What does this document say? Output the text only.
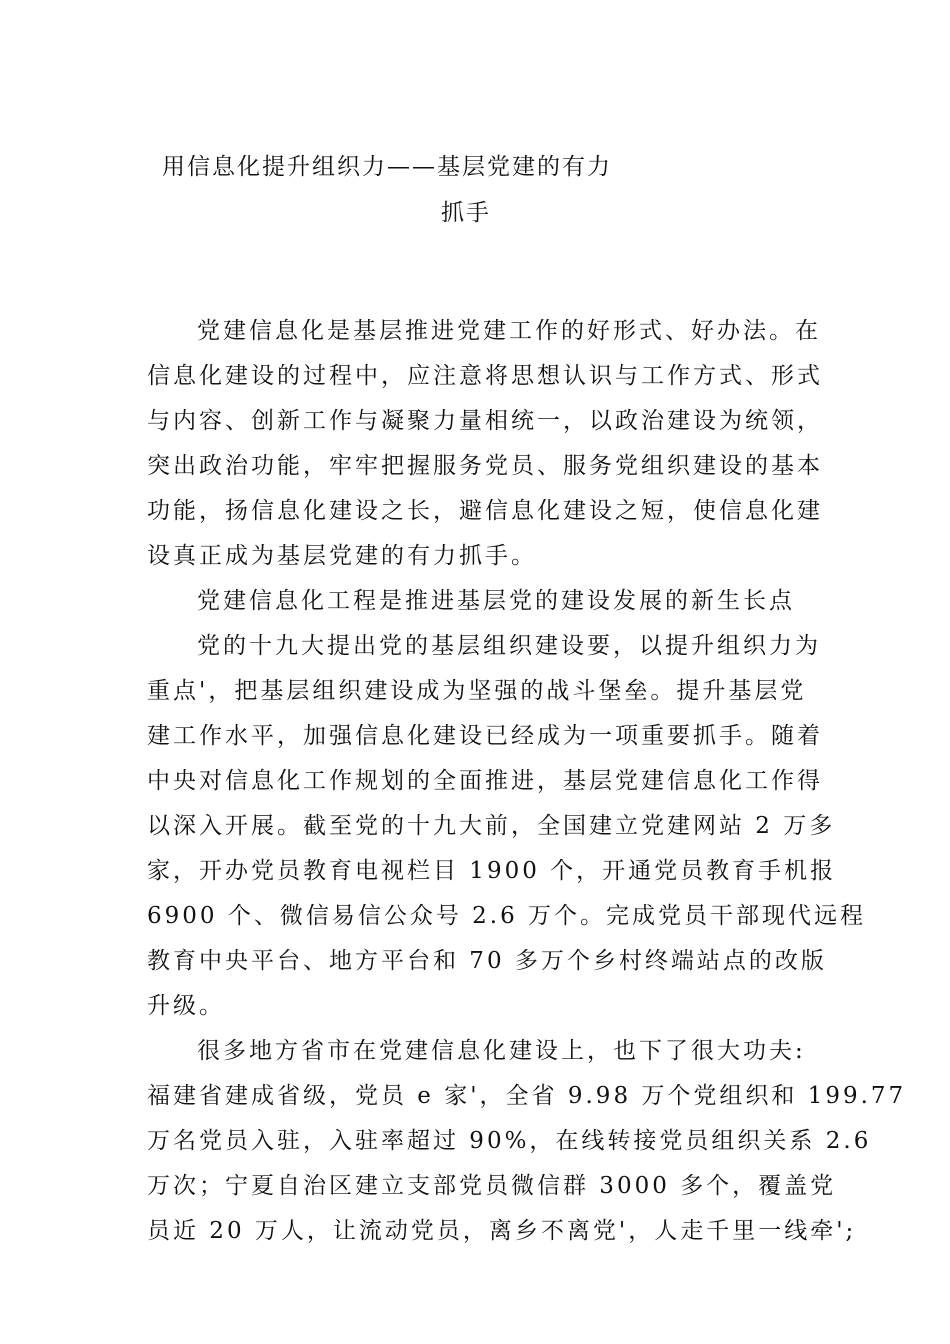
用信息化提升组织力——基层党建的有力
抓手
党建信息化是基层推进党建工作的好形式、好办法。在
信息化建设的过程中，应注意将思想认识与工作方式、形式
与内容、创新工作与凝聚力量相统一，以政治建设为统领，
突出政治功能，牢牢把握服务党员、服务党组织建设的基本
功能，扬信息化建设之长，避信息化建设之短，使信息化建
设真正成为基层党建的有力抓手。
党建信息化工程是推进基层党的建设发展的新生长点
党的十九大提出党的基层组织建设要，以提升组织力为
重点'，把基层组织建设成为坚强的战斗堡垒。提升基层党
建工作水平，加强信息化建设已经成为一项重要抓手。随着
中央对信息化工作规划的全面推进，基层党建信息化工作得
以深入开展。截至党的十九大前，全国建立党建网站 2 万多
家，开办党员教育电视栏目 1900 个，开通党员教育手机报
6900 个、微信易信公众号 2.6 万个。完成党员干部现代远程
教育中央平台、地方平台和 70 多万个乡村终端站点的改版
升级。
很多地方省市在党建信息化建设上，也下了很大功夫:
福建省建成省级，党员 e 家'，全省 9.98 万个党组织和 199.77
万名党员入驻，入驻率超过 90%，在线转接党员组织关系 2.6
万次；宁夏自治区建立支部党员微信群 3000 多个，覆盖党
员近 20 万人，让流动党员，离乡不离党'，人走千里一线牵';
